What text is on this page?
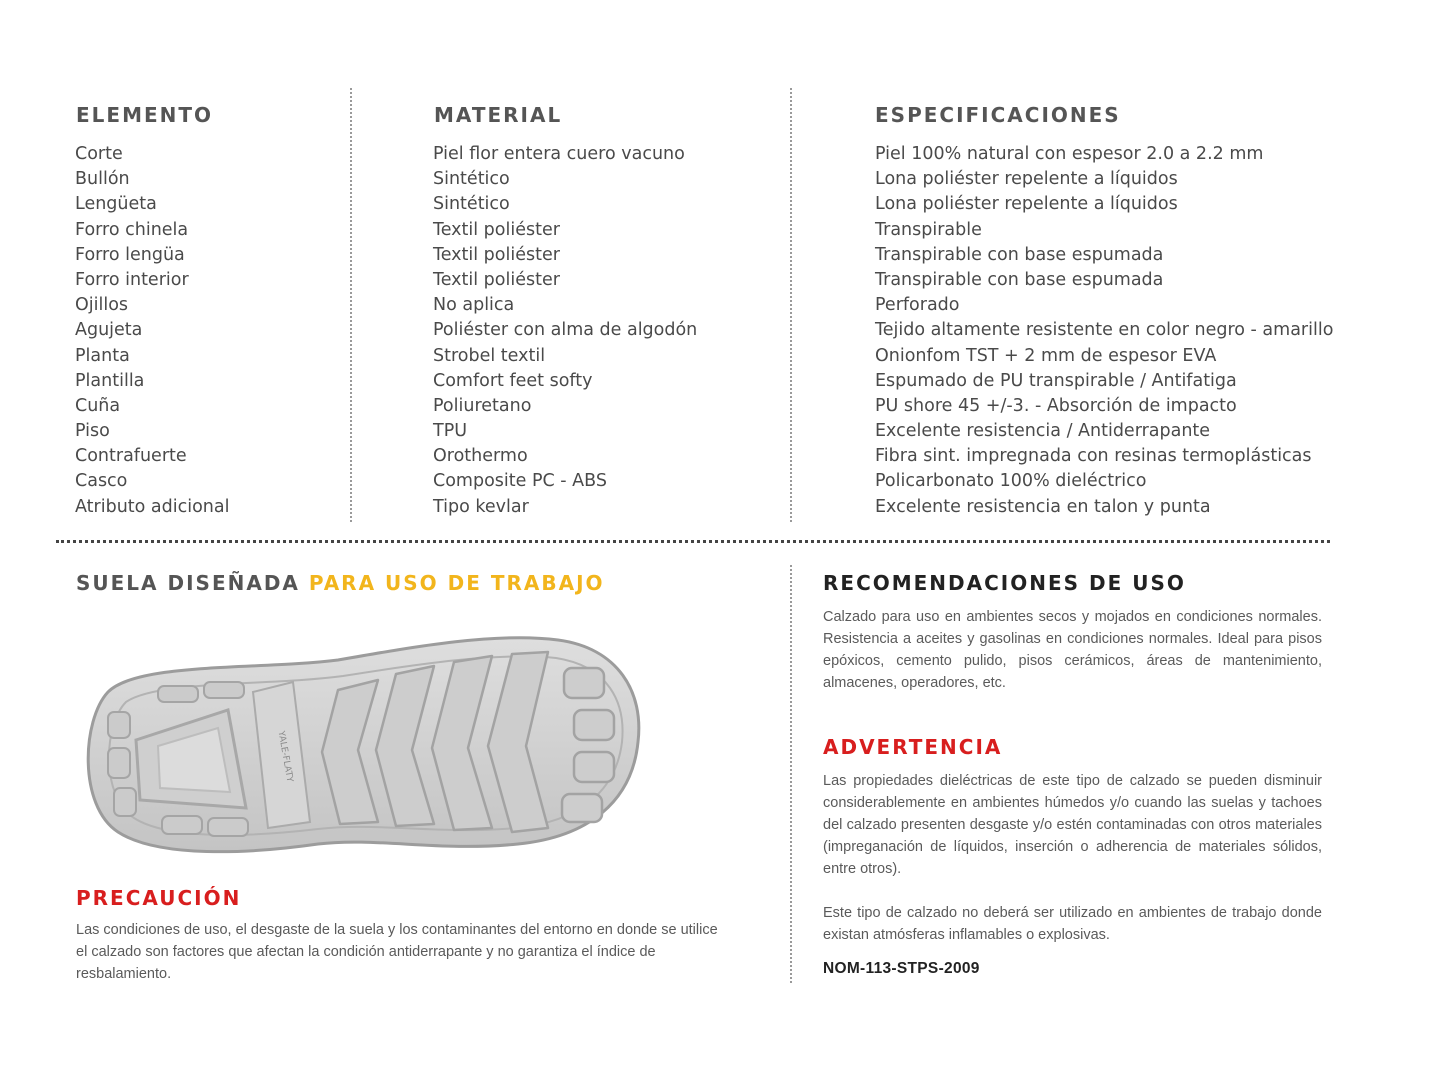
ELEMENTO	MATERIAL	ESPECIFICACIONES
Corte
Bullón
Lengüeta
Forro chinela
Forro lengüa
Forro interior
Ojillos
Agujeta
Planta
Plantilla
Cuña
Piso
Contrafuerte
Casco
Atributo adicional
Piel flor entera cuero vacuno
Sintético
Sintético
Textil poliéster
Textil poliéster
Textil poliéster
No aplica
Poliéster con alma de algodón
Strobel textil
Comfort feet softy
Poliuretano
TPU
Orothermo
Composite PC - ABS
Tipo kevlar
Piel 100% natural con espesor 2.0 a 2.2 mm
Lona poliéster repelente a líquidos
Lona poliéster repelente a líquidos
Transpirable
Transpirable con base espumada
Transpirable con base espumada
Perforado
Tejido altamente resistente en color negro - amarillo
Onionfom TST + 2 mm de espesor EVA
Espumado de PU transpirable / Antifatiga
PU shore 45 +/-3. - Absorción de impacto
Excelente resistencia / Antiderrapante
Fibra sint. impregnada con resinas termoplásticas
Policarbonato 100% dieléctrico
Excelente resistencia en talon y punta
SUELA DISEÑADA PARA USO DE TRABAJO
YALE-FLATY
PRECAUCIÓN

Las condiciones de uso, el desgaste de la suela y los contaminantes del entorno en donde se utilice el calzado son factores que afectan la condición antiderrapante y no garantiza el índice de resbalamiento.

RECOMENDACIONES DE USO

Calzado para uso en ambientes secos y mojados en condiciones normales. Resistencia a aceites y gasolinas en condiciones normales. Ideal para pisos epóxicos, cemento pulido, pisos cerámicos, áreas de mantenimiento, almacenes, operadores, etc.

ADVERTENCIA

Las propiedades dieléctricas de este tipo de calzado se pueden disminuir considerablemente en ambientes húmedos y/o cuando las suelas y tachoes del calzado presenten desgaste y/o estén contaminadas con otros materiales (impreganación de líquidos, inserción o adherencia de materiales sólidos, entre otros).

Este tipo de calzado no deberá ser utilizado en ambientes de trabajo donde existan atmósferas inflamables o explosivas.

NOM-113-STPS-2009
